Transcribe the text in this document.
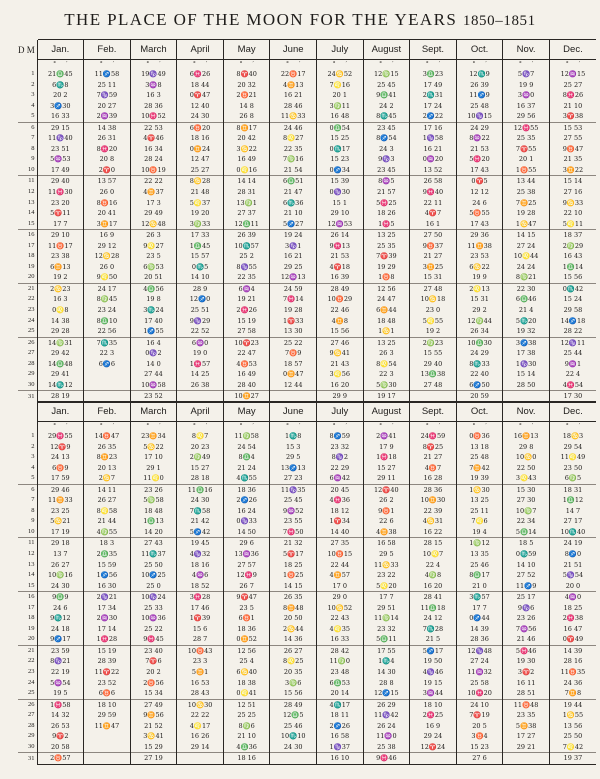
THE PLACE OF THE MOON FOR THE YEARS 1850–1851
D M	Jan.	Feb.	March	April	May	June	July	August	Sept.	Oct.	Nov.	Dec.
	° ′	° ′	° ′	° ′	° ′	° ′	° ′	° ′	° ′	° ′	° ′	° ′
1	21♎45	11♐58	19♑49	6♓26	8♈40	22♉17	24♋52	12♍15	3♎23	12♏9	5♑7	12♒15
2	6♏8	25 11	3♒8	18 44	20 32	4♊13	7♌16	25 45	17 49	26 39	19 9	25 27
3	20 2	7♑59	16 3	0♈47	2♉21	16 21	20 1	9♎41	2♏31	11♐9	3♒0	8♓26
4	3♐30	20 27	28 36	12 40	14 8	28 46	3♍11	24 2	17 24	25 48	16 37	21 10
5	16 33	2♒39	10♓52	24 30	26 8	11♋33	16 48	8♏45	2♐22	10♑15	29 56	3♈38
6	29 15	14 38	22 53	6♉20	8♊17	24 46	0♎54	23 45	17 16	24 29	12♓55	15 53
7	11♑40	26 31	4♈46	18 16	20 42	8♌27	15 25	8♐54	1♑58	8♒22	25 35	27 55
8	23 51	8♓20	16 34	0♊24	3♋22	22 35	0♏17	24 3	16 21	21 53	7♈55	9♉47
9	5♒53	20 8	28 24	12 47	16 49	7♍16	15 23	9♑3	0♒20	5♓20	20 1	21 35
10	17 49	2♈0	10♉19	25 27	0♌16	21 54	0♐34	23 45	13 52	17 43	1♉55	3♊22
11	29 40	13 57	22 22	8♋28	14 14	6♎51	15 39	8♒5	26 58	0♈5	13 44	15 14
12	11♓30	26 0	4♊37	21 48	28 31	21 47	0♑30	21 57	9♓40	12 12	25 38	27 16
13	23 20	8♉16	17 3	5♌37	13♍1	6♏36	15 1	5♓25	22 11	24 6	7♊25	9♋33
14	5♈11	20 41	29 49	19 20	27 37	21 10	29 10	18 26	4♈7	5♉55	19 28	22 10
15	17 7	3♊17	12♋48	3♍33	12♎11	5♐27	12♒53	1♓5	16 1	17 43	1♋47	5♌11
16	29 10	16 9	26 3	17 33	26 39	19 24	26 14	13 25	27 50	29 36	14 15	18 37
17	11♉17	29 12	9♌27	1♎45	10♏57	3♑1	9♓13	25 35	9♉37	11♊38	27 24	2♍29
18	23 38	12♋28	23 5	15 57	25 2	16 21	21 53	7♈39	21 27	23 53	10♌44	16 43
19	6♊13	26 0	6♍53	0♏5	8♑55	29 25	4♈18	19 29	3♊25	6♋22	24 24	1♎14
20	19 2	9♌50	20 51	14 10	22 35	12♒13	16 39	1♉8	15 31	19 9	8♍21	15 56
21	2♋23	24 17	4♎56	28 9	6♒4	24 59	28 49	12 56	27 48	2♌13	22 30	0♏42
22	16 3	8♍45	19 8	12♐0	19 21	7♓14	10♉29	24 47	10♋18	15 31	6♎46	15 24
23	0♌8	23 24	3♏24	25 51	2♓26	19 28	22 46	6♊44	23 0	29 2	21 4	29 58
24	14 38	8♎10	17 40	9♑29	15 19	1♈33	4♊8	18 48	5♌55	12♍44	5♏20	14♐18
25	29 28	22 56	1♐55	22 52	27 58	13 30	15 56	1♋1	19 2	26 34	19 32	28 22
26	14♍31	7♏35	16 4	6♒0	10♈23	25 22	27 46	13 25	2♍23	10♎30	3♐38	12♑11
27	29 42	22 3	0♑2	19 0	22 47	7♉9	9♋41	26 3	15 55	24 29	17 38	25 44
28	14♎48	6♐6	14 0	1♓57	4♉53	18 57	21 43	8♌54	29 40	8♏33	1♑30	9♒1
29	29 41		27 44	14 25	16 49	0♊47	3♌56	22 3	13♎38	22 40	15 14	22 4
30	14♏12		10♒58	26 38	28 40	12 44	16 20	5♍30	27 48	6♐50	28 50	4♓54
31	28 19		23 52		10♊27		29 9	19 17		20 59		17 30
	Jan.	Feb.	March	April	May	June	July	August	Sept.	Oct.	Nov.	Dec.
	° ′	° ′	° ′	° ′	° ′	° ′	° ′	° ′	° ′	° ′	° ′	° ′
1	29♓55	14♉47	23♊34	8♌7	11♍58	1♏8	8♐59	2♒41	24♓59	0♉36	16♊13	18♋3
2	12♈9	26 35	5♋22	20 23	24 54	15 3	23 32	17 9	8♈25	13 18	29 8	29 54
3	24 13	8♊23	17 10	2♍49	8♎4	29 5	8♑2	1♓18	21 27	25 48	10♋0	11♌49
4	6♉9	20 13	29 1	15 27	21 24	13♐13	22 29	15 27	4♉7	7♊42	22 50	23 50
5	17 59	2♋7	11♌0	28 18	4♏55	27 23	6♒42	29 11	16 28	19 39	3♌43	6♍5
6	29 46	14 11	23 26	11♎16	18 36	11♑35	20 45	12♈40	28 36	1♋30	15 30	18 31
7	11♊33	26 27	5♍58	24 30	2♐26	25 45	4♓36	26 2	10♊30	13 25	27 30	1♎12
8	23 25	8♌58	18 48	7♏58	16 24	9♒52	18 12	9♉1	22 39	25 11	10♍7	14 7
9	5♋21	21 44	1♎13	21 42	0♑33	23 55	1♈34	22 6	4♋31	7♌6	22 34	27 17
10	17 19	4♍55	14 20	5♐42	14 50	7♓50	14 40	4♊38	16 22	19 4	5♎14	10♏40
11	29 18	18 3	27 43	19 45	29 6	21 32	27 35	16 58	28 15	1♍12	18 5	24 19
12	13 7	2♎35	11♏37	4♑32	13♒36	5♈17	10♉15	29 5	10♌7	13 35	0♏59	8♐0
13	26 27	15 59	25 50	18 16	27 57	18 25	22 44	11♋33	22 4	25 46	14 10	21 51
14	10♍16	1♐56	10♐25	4♒6	12♓9	1♉25	4♊57	23 22	4♍8	8♎17	27 52	5♑54
15	24 30	16 30	25 0	18 52	26 7	14 15	17 0	5♌20	16 20	21 0	11♐9	20 0
16	9♎9	2♑21	10♑24	3♓28	9♈47	26 35	29 0	17 7	28 41	3♏57	25 17	4♒0
17	24 6	17 34	25 33	17 46	23 5	8♊48	10♋52	29 51	11♎18	17 7	9♑6	18 25
18	9♏12	2♒30	10♒36	1♈39	6♉1	20 50	22 43	11♍14	24 12	0♐44	23 26	2♓38
19	24 18	17 14	25 22	15 6	18 36	2♋44	4♌35	23 32	7♏28	14 39	7♒56	16 47
20	9♐17	1♓28	9♓45	28 7	0♊52	14 36	16 33	5♎11	21 5	28 36	21 46	0♈49
21	23 59	15 19	23 40	10♉43	12 56	26 27	28 42	17 55	5♐17	12♑48	5♓46	14 39
22	8♑21	28 39	7♈6	23 3	25 4	8♌25	11♍0	1♏4	19 50	27 24	19 30	28 16
23	22 19	11♈22	20 2	5♊1	6♋40	20 35	23 48	14 30	4♑46	11♒32	3♈2	11♉35
24	5♒54	23 52	2♉56	16 53	18 38	3♍6	6♎53	28 8	19 15	25 58	16 11	24 36
25	19 5	6♉6	15 34	28 43	0♌41	15 56	20 14	12♐15	3♒44	10♓20	28 51	7♊8
26	1♓58	18 10	27 49	10♋30	12 51	28 49	4♏17	26 29	18 10	24 10	11♉48	19 44
27	14 32	29 59	9♊56	22 22	25 25	12♎5	18 11	11♑42	2♓25	7♈19	23 35	1♋55
28	26 53	11♊47	21 52	4♌17	8♍6	25 46	2♐26	26 24	16 9	20 5	5♊38	13 56
29	9♈2		3♋41	16 26	21 10	10♏10	16 58	11♒0	29 24	3♉4	17 27	25 50
30	20 58		15 29	29 14	4♎36	24 30	1♑37	25 38	12♈24	15 23	29 21	7♌42
31	2♉57		27 19		18 16		16 10	9♓46		27 6		19 37
